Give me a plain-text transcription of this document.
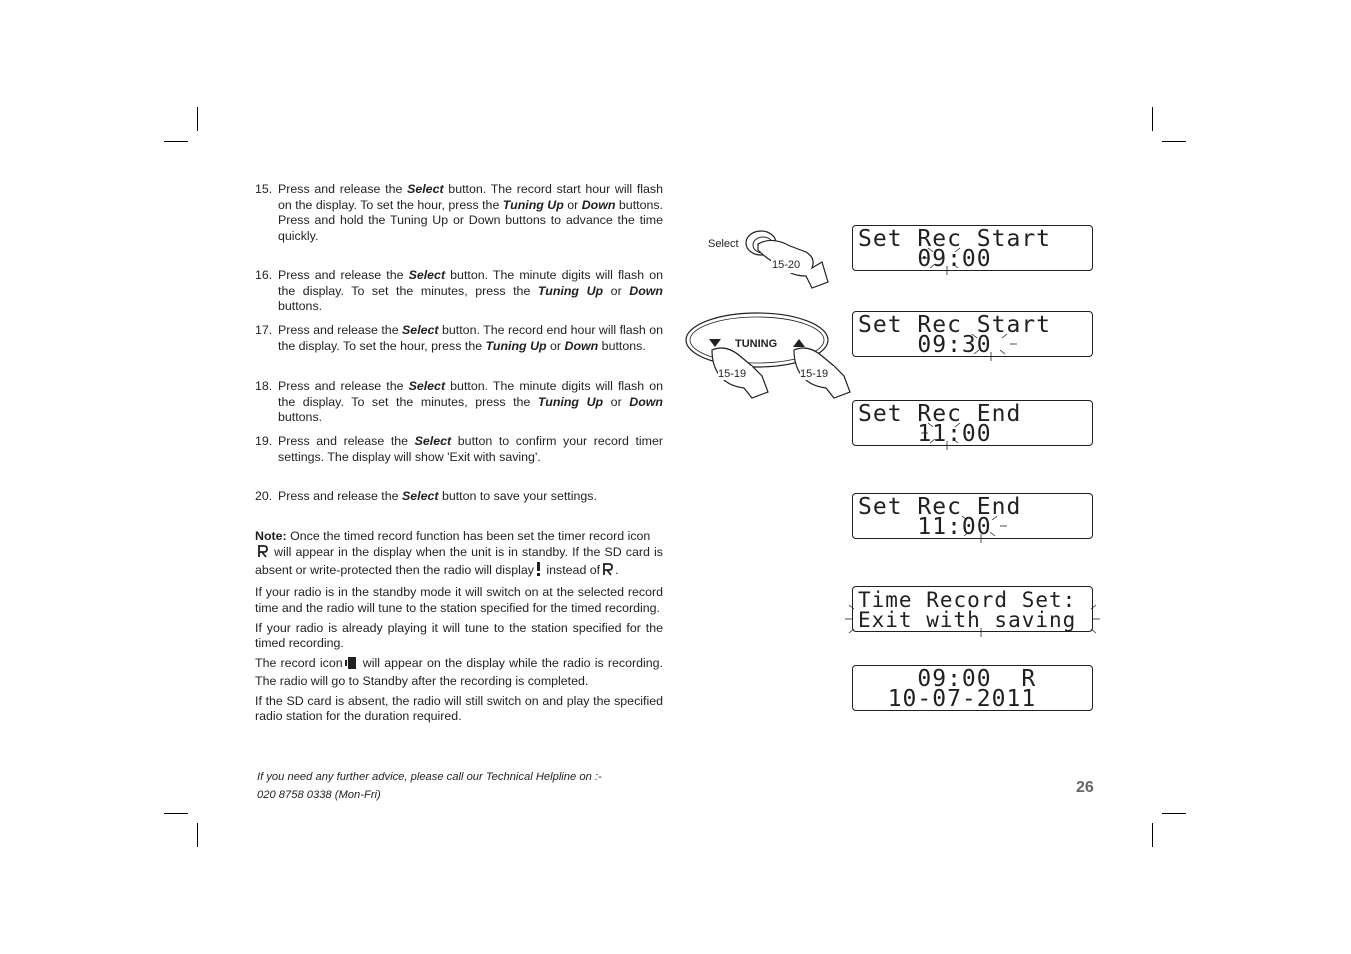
15. Press and release the Select button. The record start hour will flash on the display. To set the hour, press the Tuning Up or Down buttons. Press and hold the Tuning Up or Down buttons to advance the time quickly.
16. Press and release the Select button. The minute digits will flash on the display. To set the minutes, press the Tuning Up or Down buttons.
17. Press and release the Select button. The record end hour will flash on the display. To set the hour, press the Tuning Up or Down buttons.
18. Press and release the Select button. The minute digits will flash on the display. To set the minutes, press the Tuning Up or Down buttons.
19. Press and release the Select button to confirm your record timer settings. The display will show 'Exit with saving'.
20. Press and release the Select button to save your settings.

Note: Once the timed record function has been set the timer record icon
will appear in the display when the unit is in standby. If the SD card is absent or write-protected then the radio will display instead of .

If your radio is in the standby mode it will switch on at the selected record time and the radio will tune to the station specified for the timed recording.

If your radio is already playing it will tune to the station specified for the timed recording.

The record icon will appear on the display while the radio is recording. The radio will go to Standby after the recording is completed.

If the SD card is absent, the radio will still switch on and play the specified radio station for the duration required.

If you need any further advice, please call our Technical Helpline on :-
020 8758 0338 (Mon-Fri)	26
Select
15-20
TUNING
15-19	15-19

Set Rec Start

09:00

Set Rec Start

09:30

Set Rec End

11:00

Set Rec End

11:00

Time Record Set:

Exit with saving

09:00  R

10-07-2011
